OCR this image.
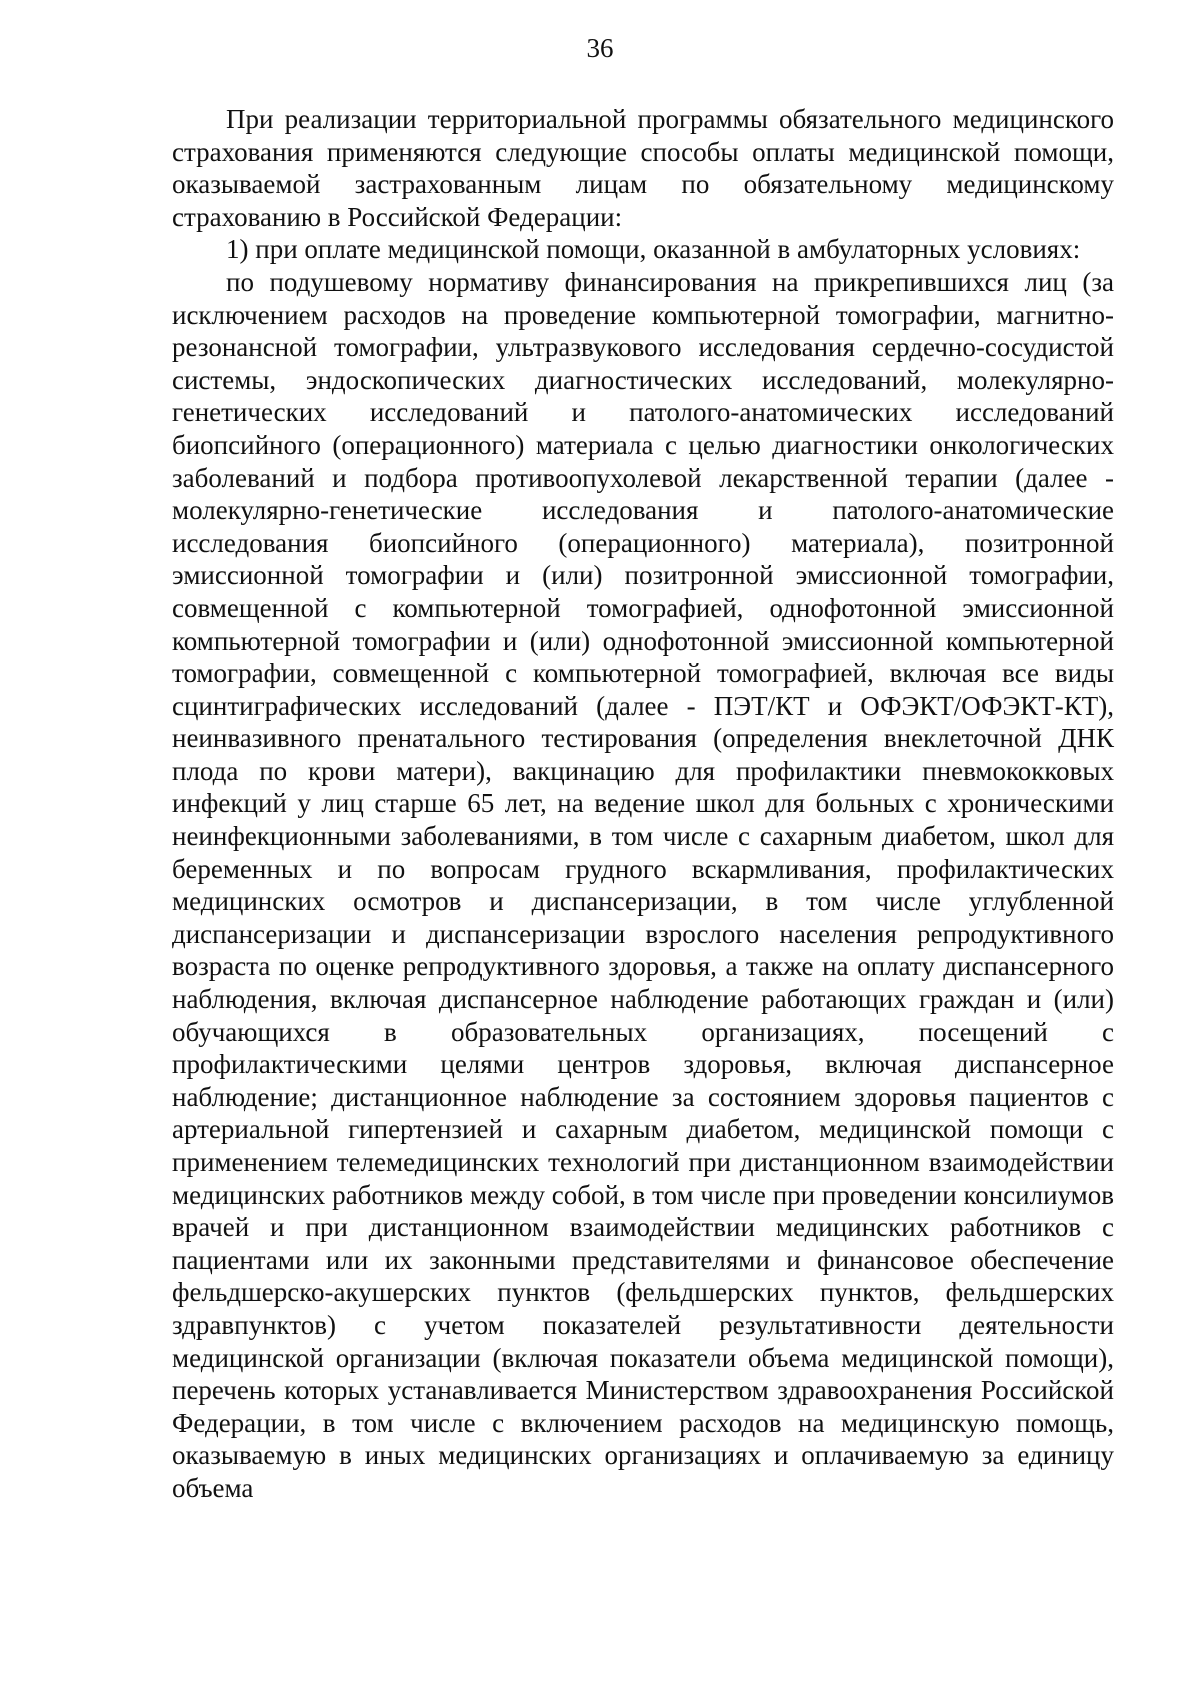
36

При реализации территориальной программы обязательного медицинского страхования применяются следующие способы оплаты медицинской помощи, оказываемой застрахованным лицам по обязательному медицинскому страхованию в Российской Федерации:

1) при оплате медицинской помощи, оказанной в амбулаторных условиях:

по подушевому нормативу финансирования на прикрепившихся лиц (за исключением расходов на проведение компьютерной томографии, магнитно-резонансной томографии, ультразвукового исследования сердечно-сосудистой системы, эндоскопических диагностических исследований, молекулярно-генетических исследований и патолого-анатомических исследований биопсийного (операционного) материала с целью диагностики онкологических заболеваний и подбора противоопухолевой лекарственной терапии (далее - молекулярно-генетические исследования и патолого-анатомические исследования биопсийного (операционного) материала), позитронной эмиссионной томографии и (или) позитронной эмиссионной томографии, совмещенной с компьютерной томографией, однофотонной эмиссионной компьютерной томографии и (или) однофотонной эмиссионной компьютерной томографии, совмещенной с компьютерной томографией, включая все виды сцинтиграфических исследований (далее - ПЭТ/КТ и ОФЭКТ/ОФЭКТ-КТ), неинвазивного пренатального тестирования (определения внеклеточной ДНК плода по крови матери), вакцинацию для профилактики пневмококковых инфекций у лиц старше 65 лет, на ведение школ для больных с хроническими неинфекционными заболеваниями, в том числе с сахарным диабетом, школ для беременных и по вопросам грудного вскармливания, профилактических медицинских осмотров и диспансеризации, в том числе углубленной диспансеризации и диспансеризации взрослого населения репродуктивного возраста по оценке репродуктивного здоровья, а также на оплату диспансерного наблюдения, включая диспансерное наблюдение работающих граждан и (или) обучающихся в образовательных организациях, посещений с профилактическими целями центров здоровья, включая диспансерное наблюдение; дистанционное наблюдение за состоянием здоровья пациентов с артериальной гипертензией и сахарным диабетом, медицинской помощи с применением телемедицинских технологий при дистанционном взаимодействии медицинских работников между собой, в том числе при проведении консилиумов врачей и при дистанционном взаимодействии медицинских работников с пациентами или их законными представителями и финансовое обеспечение фельдшерско-акушерских пунктов (фельдшерских пунктов, фельдшерских здравпунктов) с учетом показателей результативности деятельности медицинской организации (включая показатели объема медицинской помощи), перечень которых устанавливается Министерством здравоохранения Российской Федерации, в том числе с включением расходов на медицинскую помощь, оказываемую в иных медицинских организациях и оплачиваемую за единицу объема
